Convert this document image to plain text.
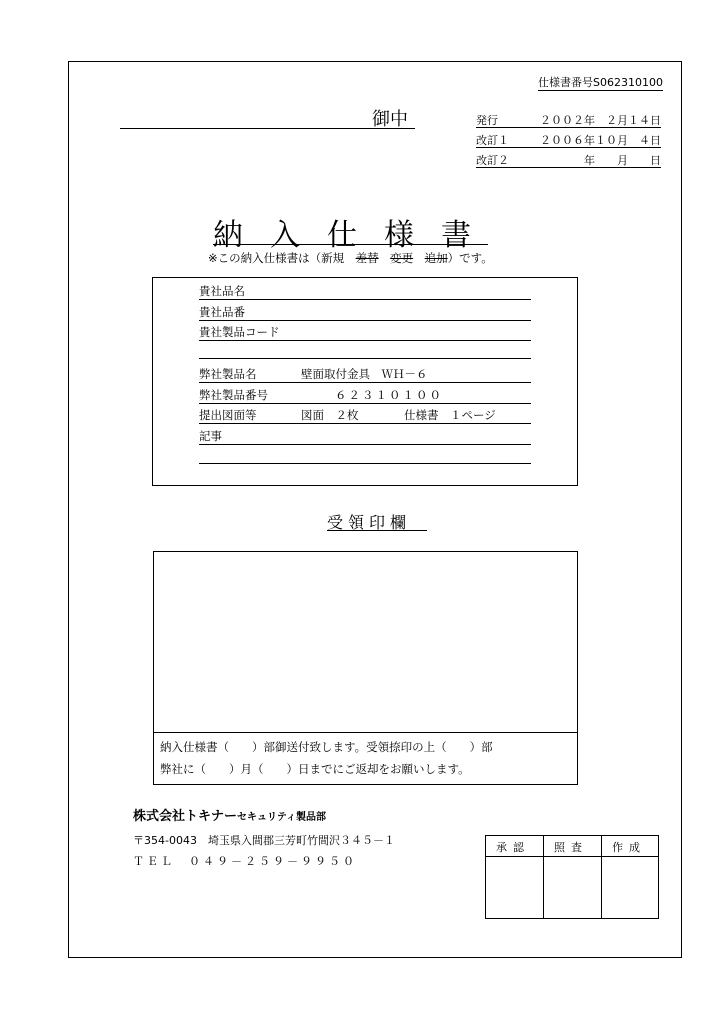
仕様書番号S062310100
御中	発行	２００２年　２月１４日
改訂１	２００６年１０月　４日
改訂２	年　　月　　日
納入仕様書
※この納入仕様書は（新規　 差替　 変更　 追加）です。
貴社品名
貴社品番
貴社製品コード
弊社製品名	壁面取付金具　ＷＨ－６
弊社製品番号	６２３１０１００
提出図面等	図面　２枚	仕様書　１ページ
記事
受領印欄
納入仕様書（　　）部御送付致します。受領捺印の上（　　）部
弊社に（　　）月（　　）日までにご返却をお願いします。
株式会社トキナーセキュリティ製品部
〒354-0043　埼玉県入間郡三芳町竹間沢３４５－１
ＴＥＬ　０４９－２５９－９９５０
承認 照査 作成
